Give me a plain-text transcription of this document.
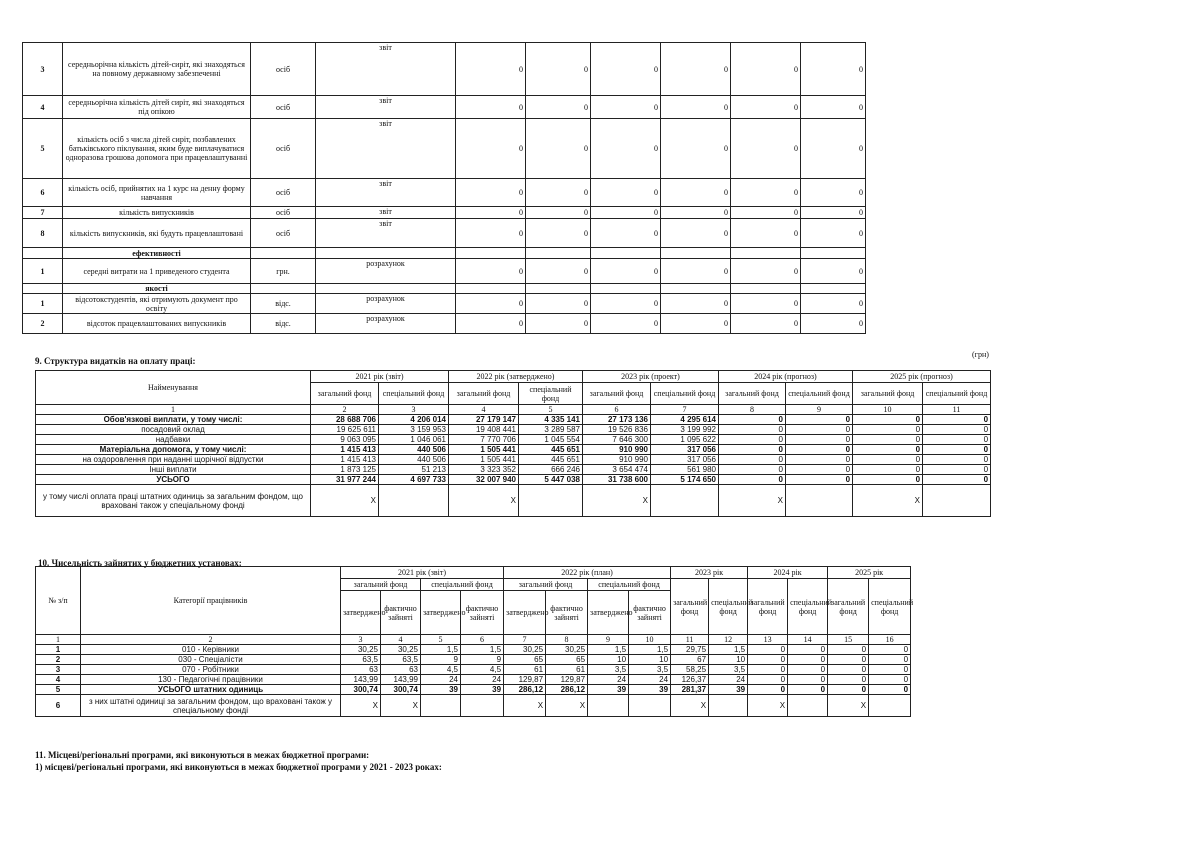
3	середньорічна кількість дітей-сиріт, які знаходяться на повному державному забезпеченні	осіб	звіт	0	0	0	0	0	0
4	середньорічна кількість дітей сиріт, які знаходяться під опікою	осіб	звіт	0	0	0	0	0	0
5	кількість осіб з числа дітей сиріт, позбавлених батьківського піклування, яким буде виплачуватися одноразова грошова допомога при працевлаштуванні	осіб	звіт	0	0	0	0	0	0
6	кількість осіб, прийнятих на 1 курс на денну форму навчання	осіб	звіт	0	0	0	0	0	0
7	кількість випускників	осіб	звіт	0	0	0	0	0	0
8	кількість випускників, які будуть працевлаштовані	осіб	звіт	0	0	0	0	0	0
	ефективності								
1	середні витрати на 1 приведеного студента	грн.	розрахунок	0	0	0	0	0	0
	якості								
1	відсотокстудентів, які отримують документ про освіту	відс.	розрахунок	0	0	0	0	0	0
2	відсоток працевлаштованих випускників	відс.	розрахунок	0	0	0	0	0	0
9. Структура видатків на оплату праці:
(грн)
Найменування	2021 рік (звіт)		2022 рік (затверджено)		2023 рік (проект)		2024 рік (прогноз)		2025 рік (прогноз)	
	загальний фонд	спеціальний фонд	загальний фонд	спеціальний фонд	загальний фонд	спеціальний фонд	загальний фонд	спеціальний фонд	загальний фонд	спеціальний фонд
1	2	3	4	5	6	7	8	9	10	11
Обов'язкові виплати, у тому числі:	28 688 706	4 206 014	27 179 147	4 335 141	27 173 136	4 295 614	0	0	0	0
посадовий оклад	19 625 611	3 159 953	19 408 441	3 289 587	19 526 836	3 199 992	0	0	0	0
надбавки	9 063 095	1 046 061	7 770 706	1 045 554	7 646 300	1 095 622	0	0	0	0
Матеріальна допомога, у тому числі:	1 415 413	440 506	1 505 441	445 651	910 990	317 056	0	0	0	0
на оздоровлення при наданні щорічної відпустки	1 415 413	440 506	1 505 441	445 651	910 990	317 056	0	0	0	0
Інші виплати	1 873 125	51 213	3 323 352	666 246	3 654 474	561 980	0	0	0	0
УСЬОГО	31 977 244	4 697 733	32 007 940	5 447 038	31 738 600	5 174 650	0	0	0	0
у тому числі оплата праці штатних одиниць за загальним фондом, що враховані також у спеціальному фонді	X		X		X		X		X	
10. Чисельність зайнятих у бюджетних установах:
№ з/п	Категорії працівників	2021 рік (звіт)				2022 рік (план)				2023 рік		2024 рік		2025 рік	
		загальний фонд		спеціальний фонд		загальний фонд		спеціальний фонд		загальний фонд	спеціальний фонд	загальний фонд	спеціальний фонд	загальний фонд	спеціальний фонд
		затверджено	фактично зайняті	затверджено	фактично зайняті	затверджено	фактично зайняті	затверджено	фактично зайняті						
1	2	3	4	5	6	7	8	9	10	11	12	13	14	15	16
1	010 - Керівники	30,25	30,25	1,5	1,5	30,25	30,25	1,5	1,5	29,75	1,5	0	0	0	0
2	030 - Спеціалісти	63,5	63,5	9	9	65	65	10	10	67	10	0	0	0	0
3	070 - Робітники	63	63	4,5	4,5	61	61	3,5	3,5	58,25	3,5	0	0	0	0
4	130 - Педагогічні працівники	143,99	143,99	24	24	129,87	129,87	24	24	126,37	24	0	0	0	0
5	УСЬОГО штатних одиниць	300,74	300,74	39	39	286,12	286,12	39	39	281,37	39	0	0	0	0
6	з них штатні одиниці за загальним фондом, що враховані також у спеціальному фонді	X	X			X	X			X		X		X	
11. Місцеві/регіональні програми, які виконуються в межах бюджетної програми:
1) місцеві/регіональні програми, які виконуються в межах бюджетної програми у 2021 - 2023 роках:
